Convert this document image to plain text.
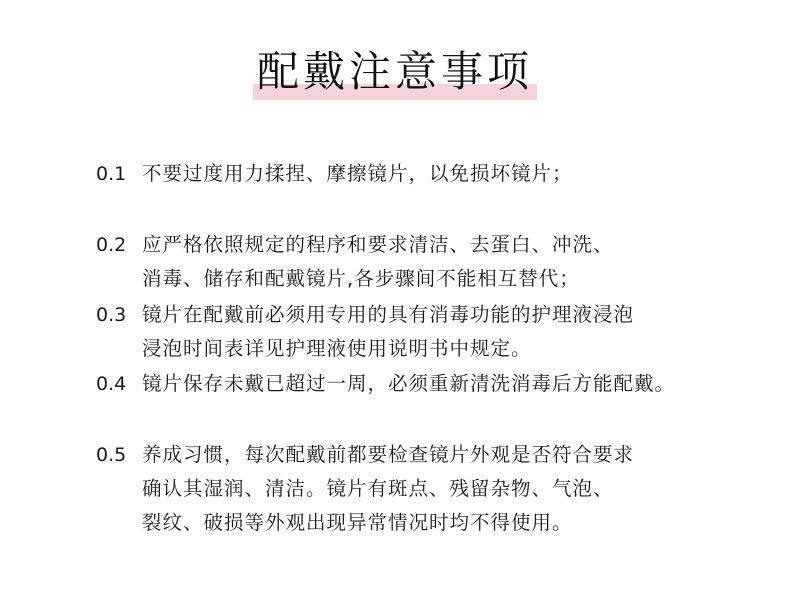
配戴注意事项
0.1 不要过度用力揉捏、摩擦镜片，以免损坏镜片；
0.2 应严格依照规定的程序和要求清洁、去蛋白、冲洗、
消毒、储存和配戴镜片,各步骤间不能相互替代；
0.3 镜片在配戴前必须用专用的具有消毒功能的护理液浸泡
浸泡时间表详见护理液使用说明书中规定。
0.4 镜片保存未戴已超过一周，必须重新清洗消毒后方能配戴。
0.5 养成习惯，每次配戴前都要检查镜片外观是否符合要求
确认其湿润、清洁。镜片有斑点、残留杂物、气泡、
裂纹、破损等外观出现异常情况时均不得使用。
